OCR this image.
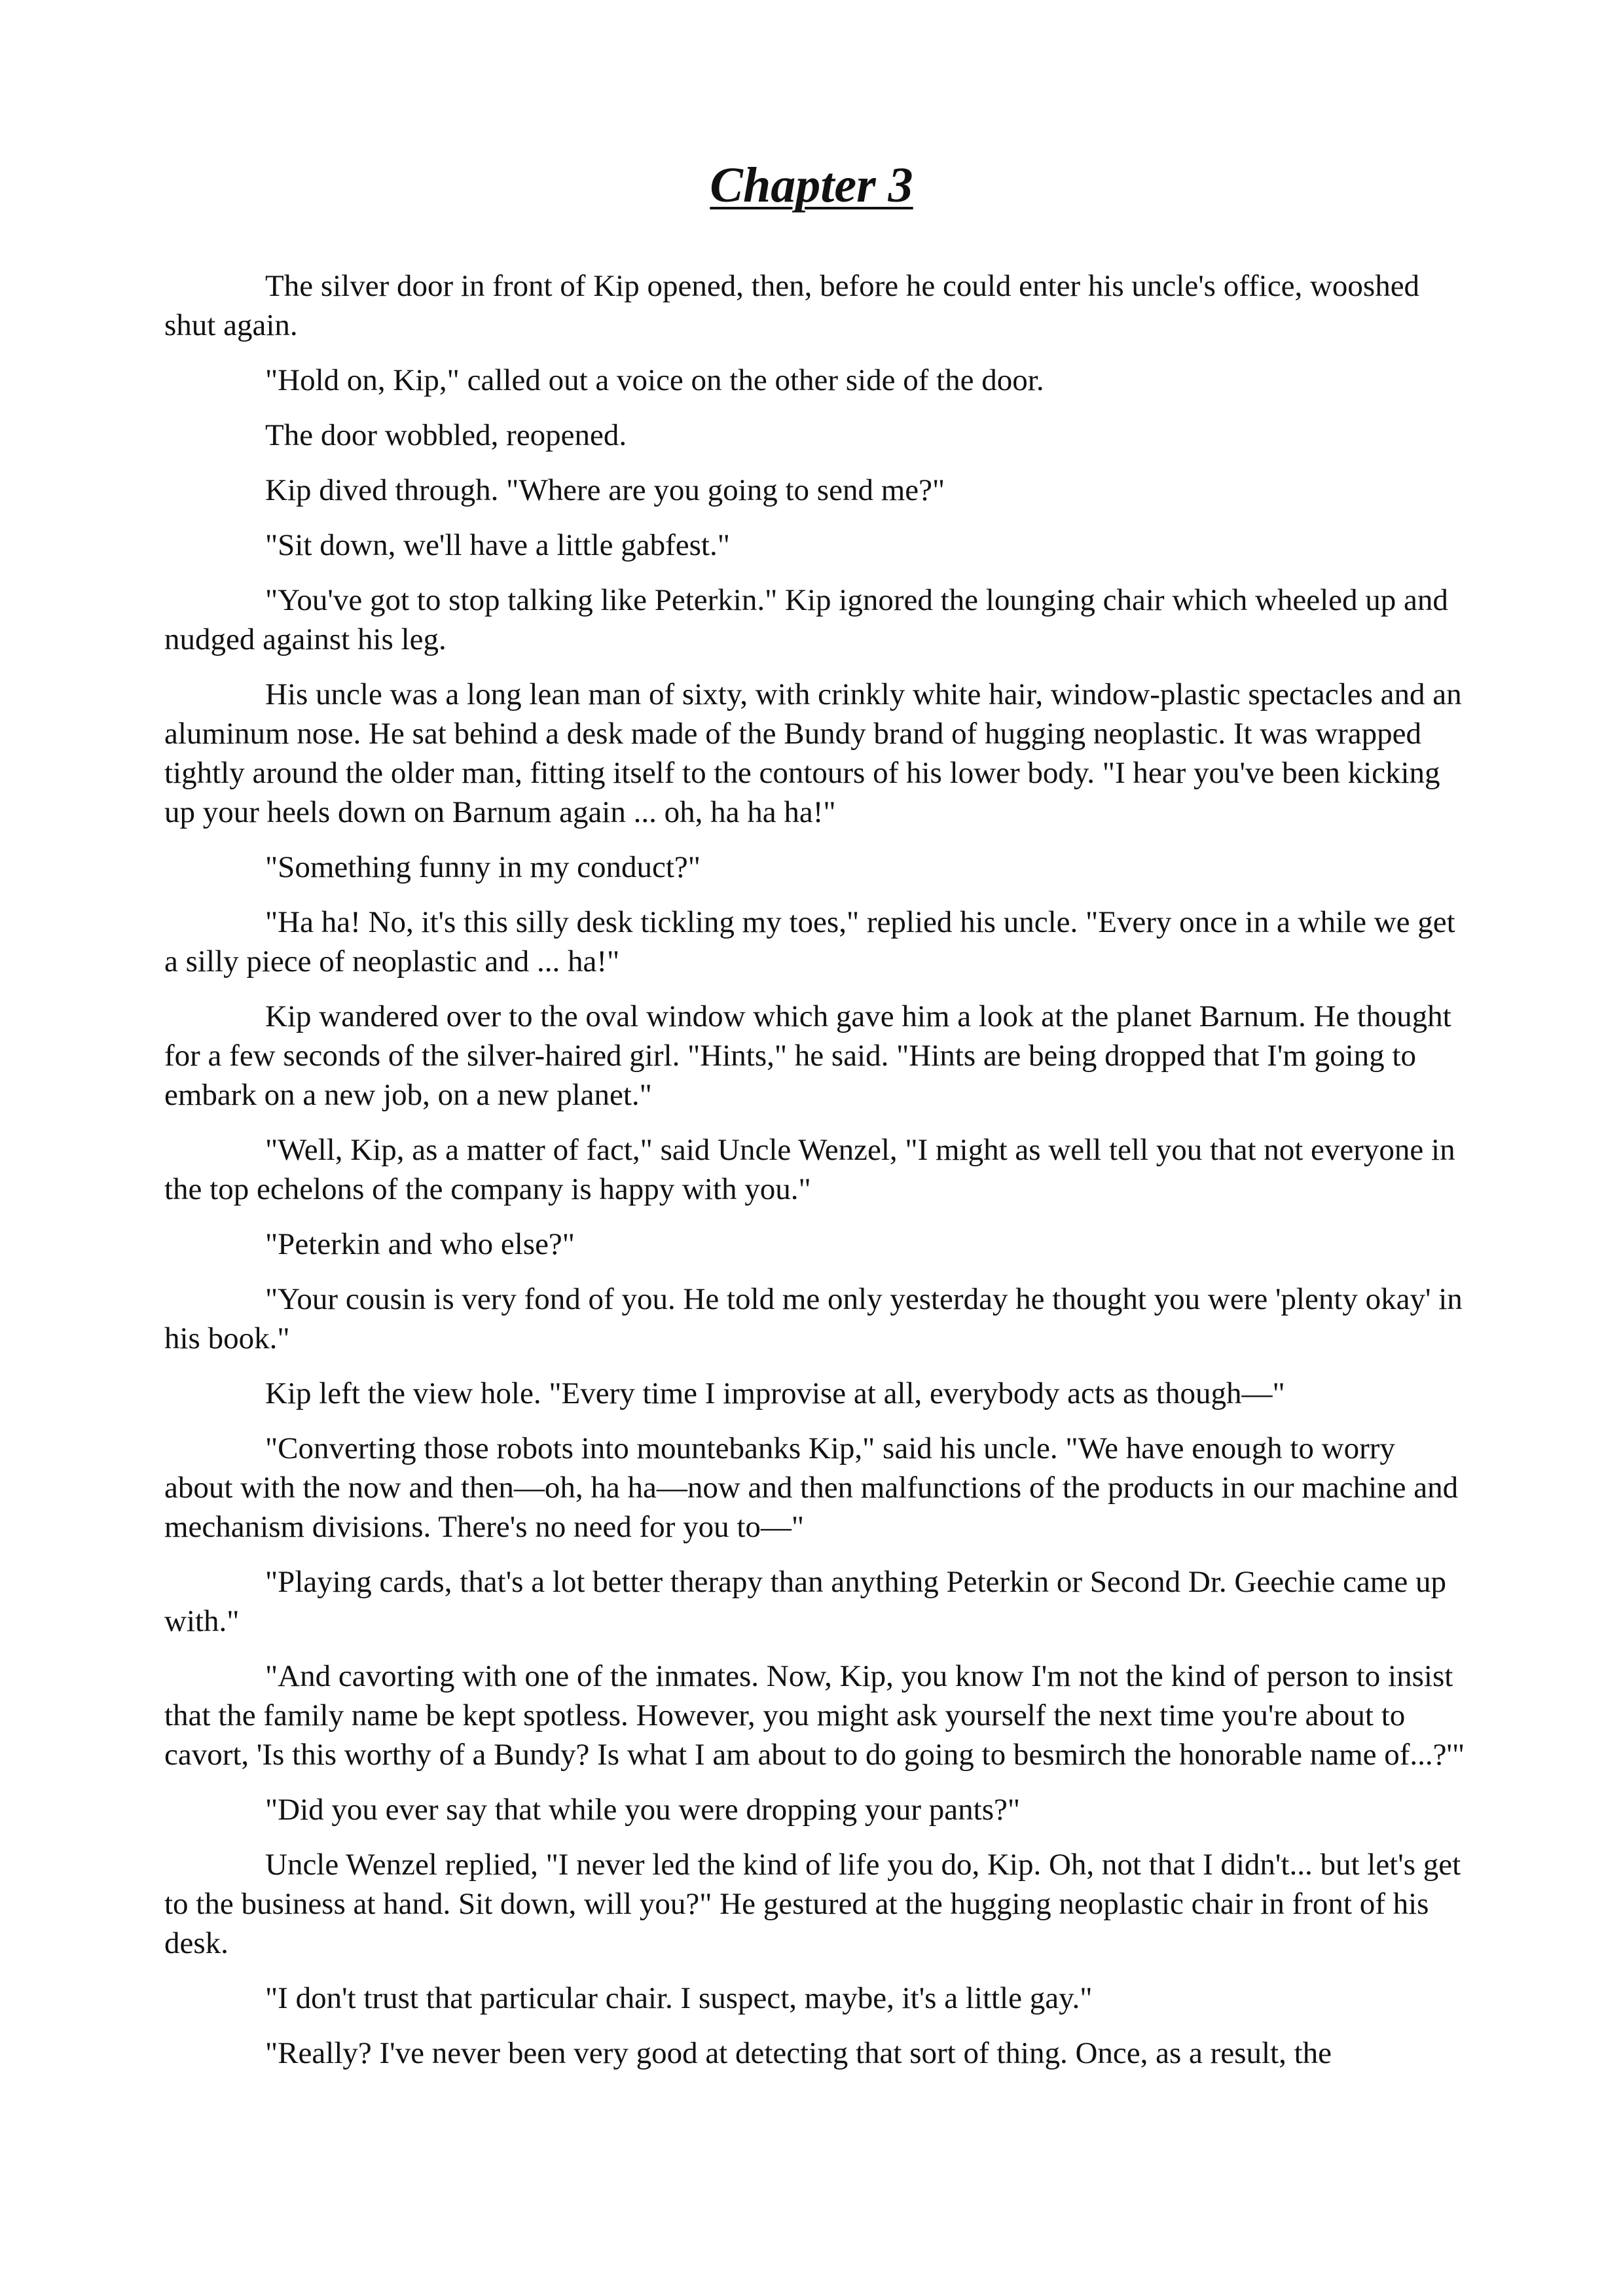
Chapter 3

The silver door in front of Kip opened, then, before he could enter his uncle's office, wooshed shut again.

"Hold on, Kip," called out a voice on the other side of the door.

The door wobbled, reopened.

Kip dived through. "Where are you going to send me?"

"Sit down, we'll have a little gabfest."

"You've got to stop talking like Peterkin." Kip ignored the lounging chair which wheeled up and nudged against his leg.

His uncle was a long lean man of sixty, with crinkly white hair, window-plastic spectacles and an aluminum nose. He sat behind a desk made of the Bundy brand of hugging neoplastic. It was wrapped tightly around the older man, fitting itself to the contours of his lower body. "I hear you've been kicking up your heels down on Barnum again ... oh, ha ha ha!"

"Something funny in my conduct?"

"Ha ha! No, it's this silly desk tickling my toes," replied his uncle. "Every once in a while we get a silly piece of neoplastic and ... ha!"

Kip wandered over to the oval window which gave him a look at the planet Barnum. He thought for a few seconds of the silver-haired girl. "Hints," he said. "Hints are being dropped that I'm going to embark on a new job, on a new planet."

"Well, Kip, as a matter of fact," said Uncle Wenzel, "I might as well tell you that not everyone in the top echelons of the company is happy with you."

"Peterkin and who else?"

"Your cousin is very fond of you. He told me only yesterday he thought you were 'plenty okay' in his book."

Kip left the view hole. "Every time I improvise at all, everybody acts as though—"

"Converting those robots into mountebanks Kip," said his uncle. "We have enough to worry about with the now and then—oh, ha ha—now and then malfunctions of the products in our machine and mechanism divisions. There's no need for you to—"

"Playing cards, that's a lot better therapy than anything Peterkin or Second Dr. Geechie came up with."

"And cavorting with one of the inmates. Now, Kip, you know I'm not the kind of person to insist that the family name be kept spotless. However, you might ask yourself the next time you're about to cavort, 'Is this worthy of a Bundy? Is what I am about to do going to besmirch the honorable name of...?'"

"Did you ever say that while you were dropping your pants?"

Uncle Wenzel replied, "I never led the kind of life you do, Kip. Oh, not that I didn't... but let's get to the business at hand. Sit down, will you?" He gestured at the hugging neoplastic chair in front of his desk.

"I don't trust that particular chair. I suspect, maybe, it's a little gay."

"Really? I've never been very good at detecting that sort of thing. Once, as a result, the
